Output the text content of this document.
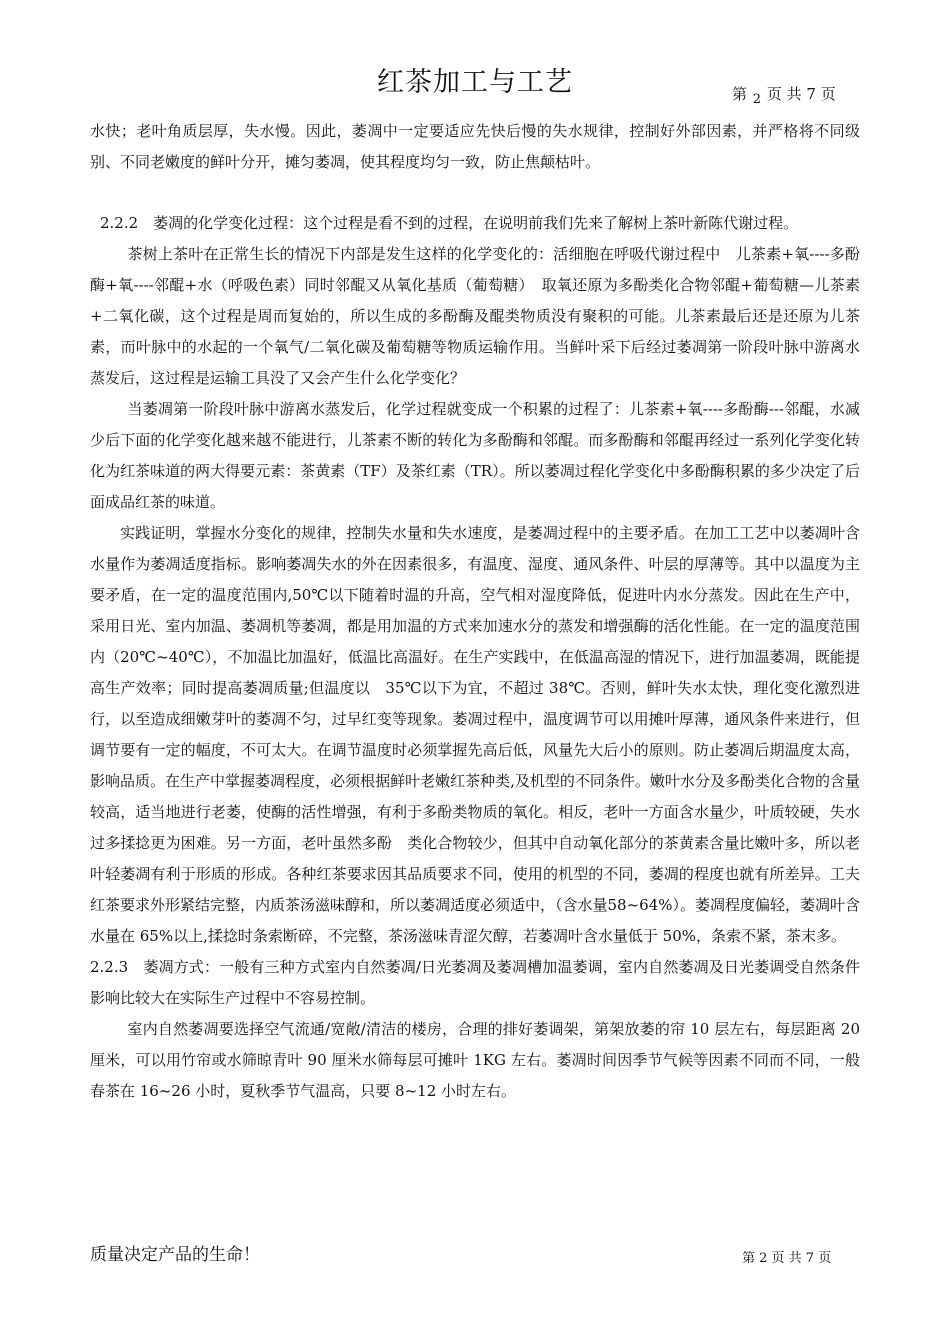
红茶加工与工艺	第 2 页 共 7 页

水快；老叶角质层厚，失水慢。因此，萎凋中一定要适应先快后慢的失水规律，控制好外部因素，并严格将不同级别、不同老嫩度的鲜叶分开，摊匀萎凋，使其程度均匀一致，防止焦颠枯叶。

2.2.2　萎凋的化学变化过程：这个过程是看不到的过程，在说明前我们先来了解树上茶叶新陈代谢过程。

茶树上茶叶在正常生长的情况下内部是发生这样的化学变化的：活细胞在呼吸代谢过程中　儿茶素+氧----多酚酶+氧----邻醌+水（呼吸色素）同时邻醌又从氧化基质（葡萄糖）　取氧还原为多酚类化合物邻醌+葡萄糖—儿茶素+二氧化碳，这个过程是周而复始的，所以生成的多酚酶及醌类物质没有聚积的可能。儿茶素最后还是还原为儿茶素，而叶脉中的水起的一个氧气/二氧化碳及葡萄糖等物质运输作用。当鲜叶采下后经过萎凋第一阶段叶脉中游离水蒸发后，这过程是运输工具没了又会产生什么化学变化？

当萎凋第一阶段叶脉中游离水蒸发后，化学过程就变成一个积累的过程了：儿茶素+氧----多酚酶---邻醌，水减少后下面的化学变化越来越不能进行，儿茶素不断的转化为多酚酶和邻醌。而多酚酶和邻醌再经过一系列化学变化转化为红茶味道的两大得要元素：茶黄素（TF）及茶红素（TR）。所以萎凋过程化学变化中多酚酶积累的多少决定了后面成品红茶的味道。

实践证明，掌握水分变化的规律，控制失水量和失水速度，是萎凋过程中的主要矛盾。在加工工艺中以萎凋叶含水量作为萎凋适度指标。影响萎凋失水的外在因素很多，有温度、湿度、通风条件、叶层的厚薄等。其中以温度为主要矛盾，在一定的温度范围内,50℃以下随着时温的升高，空气相对湿度降低，促进叶内水分蒸发。因此在生产中，采用日光、室内加温、萎凋机等萎凋，都是用加温的方式来加速水分的蒸发和增强酶的活化性能。在一定的温度范围内（20℃~40℃），不加温比加温好，低温比高温好。在生产实践中，在低温高湿的情况下，进行加温萎凋，既能提高生产效率；同时提高萎凋质量;但温度以　35℃以下为宜，不超过 38℃。否则，鲜叶失水太快，理化变化激烈进行，以至造成细嫩芽叶的萎凋不匀，过早红变等现象。萎凋过程中，温度调节可以用摊叶厚薄，通风条件来进行，但调节要有一定的幅度，不可太大。在调节温度时必须掌握先高后低，风量先大后小的原则。防止萎凋后期温度太高，影响品质。在生产中掌握萎凋程度，必须根据鲜叶老嫩红茶种类,及机型的不同条件。嫩叶水分及多酚类化合物的含量较高，适当地进行老萎，使酶的活性增强，有利于多酚类物质的氧化。相反，老叶一方面含水量少，叶质较硬，失水过多揉捻更为困难。另一方面，老叶虽然多酚　类化合物较少，但其中自动氧化部分的茶黄素含量比嫩叶多，所以老叶轻萎凋有利于形质的形成。各种红茶要求因其品质要求不同，使用的机型的不同，萎凋的程度也就有所差异。工夫红茶要求外形紧结完整，内质茶汤滋味醇和，所以萎凋适度必须适中，（含水量58~64%）。萎凋程度偏轻，萎凋叶含水量在 65%以上,揉捻时条索断碎，不完整，茶汤滋味青涩欠醇，若萎凋叶含水量低于 50%，条索不紧，茶末多。

2.2.3　萎凋方式：一般有三种方式室内自然萎凋/日光萎凋及萎凋槽加温萎调，室内自然萎凋及日光萎调受自然条件影响比较大在实际生产过程中不容易控制。

室内自然萎凋要选择空气流通/宽敞/清洁的楼房，合理的排好萎调架，第架放萎的帘 10 层左右，每层距离 20 厘米，可以用竹帘或水筛晾青叶 90 厘米水筛每层可摊叶 1KG 左右。萎凋时间因季节气候等因素不同而不同，一般春茶在 16~26 小时，夏秋季节气温高，只要 8~12 小时左右。

质量决定产品的生命！	第 2 页 共 7 页
